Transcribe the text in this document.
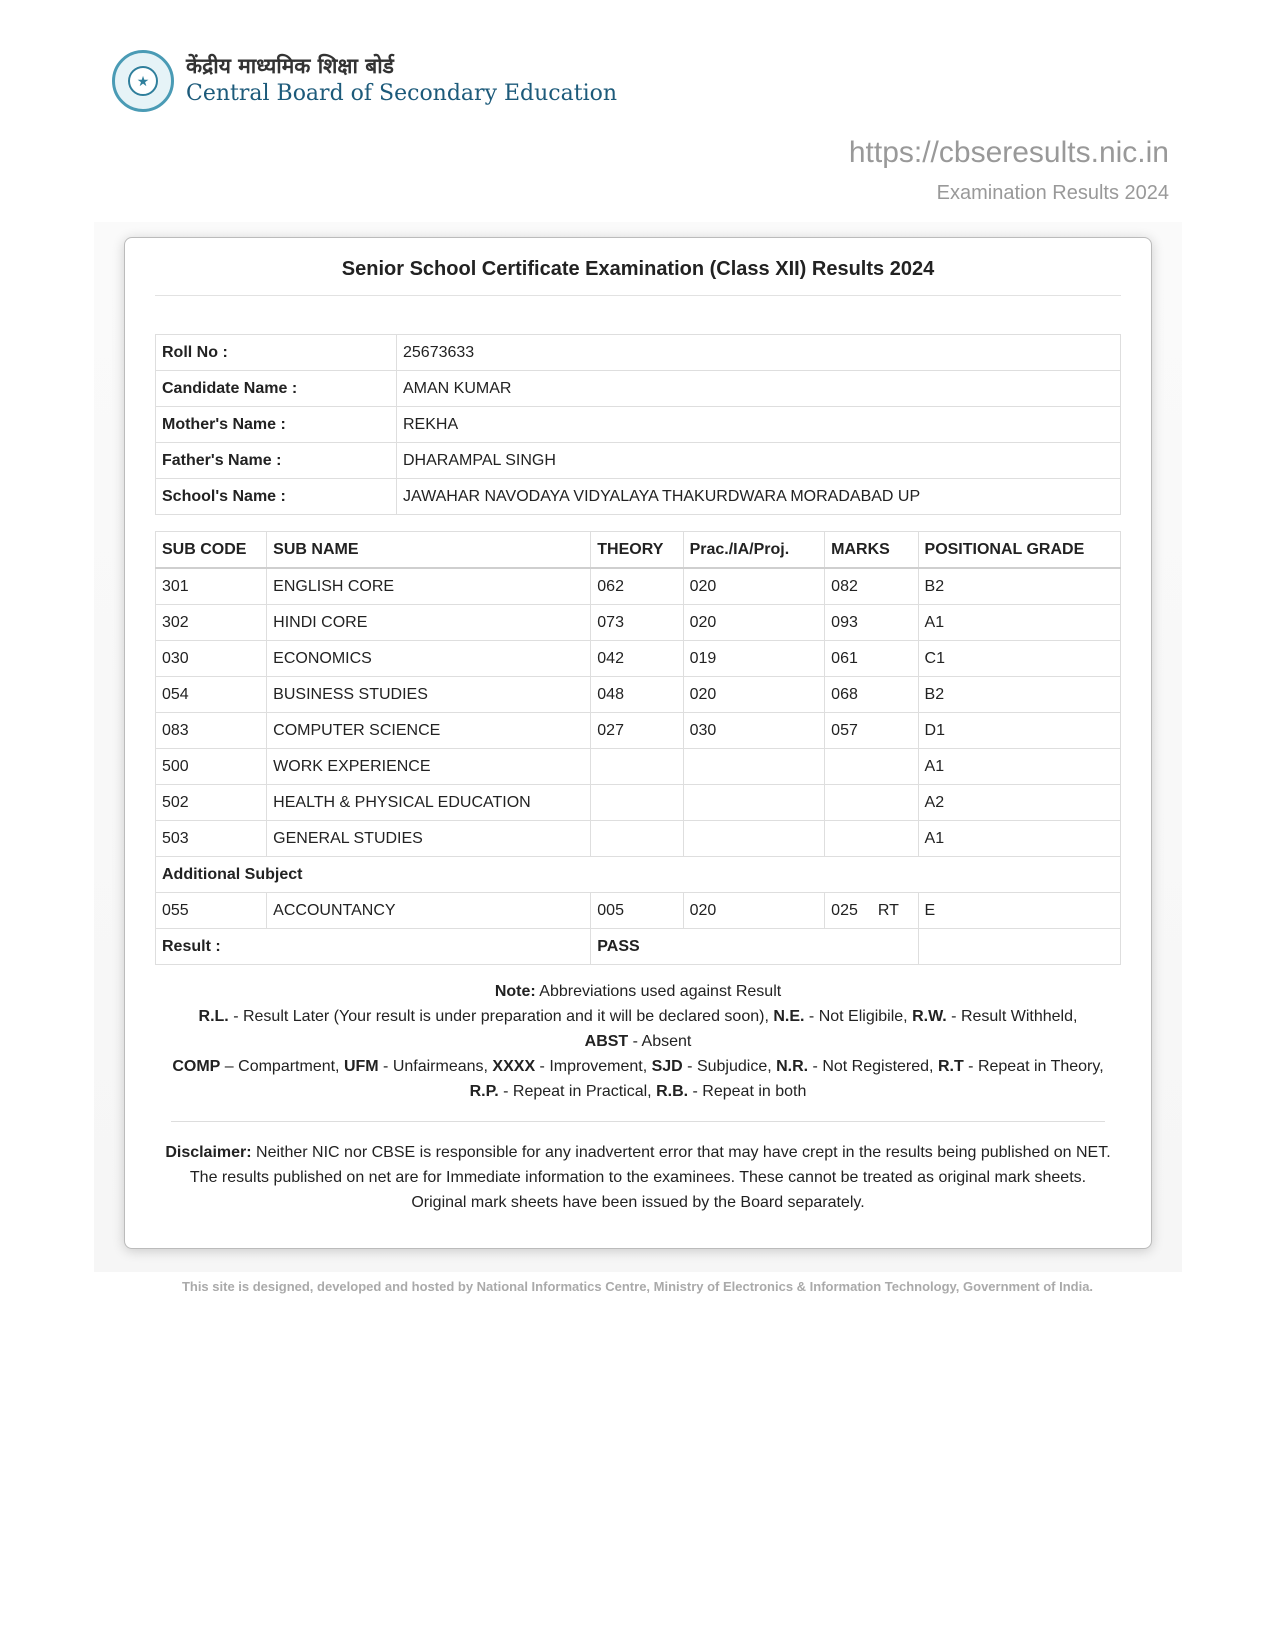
★
केंद्रीय माध्यमिक शिक्षा बोर्ड
Central Board of Secondary Education
https://cbseresults.nic.in
Examination Results 2024
Senior School Certificate Examination (Class XII) Results 2024
Roll No :	25673633
Candidate Name :	AMAN KUMAR
Mother's Name :	REKHA
Father's Name :	DHARAMPAL SINGH
School's Name :	JAWAHAR NAVODAYA VIDYALAYA THAKURDWARA MORADABAD UP
SUB CODE	SUB NAME	THEORY	Prac./IA/Proj.	MARKS	POSITIONAL GRADE
301	ENGLISH CORE	062	020	082	B2
302	HINDI CORE	073	020	093	A1
030	ECONOMICS	042	019	061	C1
054	BUSINESS STUDIES	048	020	068	B2
083	COMPUTER SCIENCE	027	030	057	D1
500	WORK EXPERIENCE				A1
502	HEALTH & PHYSICAL EDUCATION				A2
503	GENERAL STUDIES				A1
Additional Subject					
055	ACCOUNTANCY	005	020	025 RT	E
Result :		PASS			
Note: Abbreviations used against Result
R.L. - Result Later (Your result is under preparation and it will be declared soon), N.E. - Not Eligibile, R.W. - Result Withheld,
ABST - Absent
COMP – Compartment, UFM - Unfairmeans, XXXX - Improvement, SJD - Subjudice, N.R. - Not Registered, R.T - Repeat in Theory, R.P. - Repeat in Practical, R.B. - Repeat in both
Disclaimer: Neither NIC nor CBSE is responsible for any inadvertent error that may have crept in the results being published on NET. The results published on net are for Immediate information to the examinees. These cannot be treated as original mark sheets. Original mark sheets have been issued by the Board separately.
This site is designed, developed and hosted by National Informatics Centre, Ministry of Electronics & Information Technology, Government of India.
